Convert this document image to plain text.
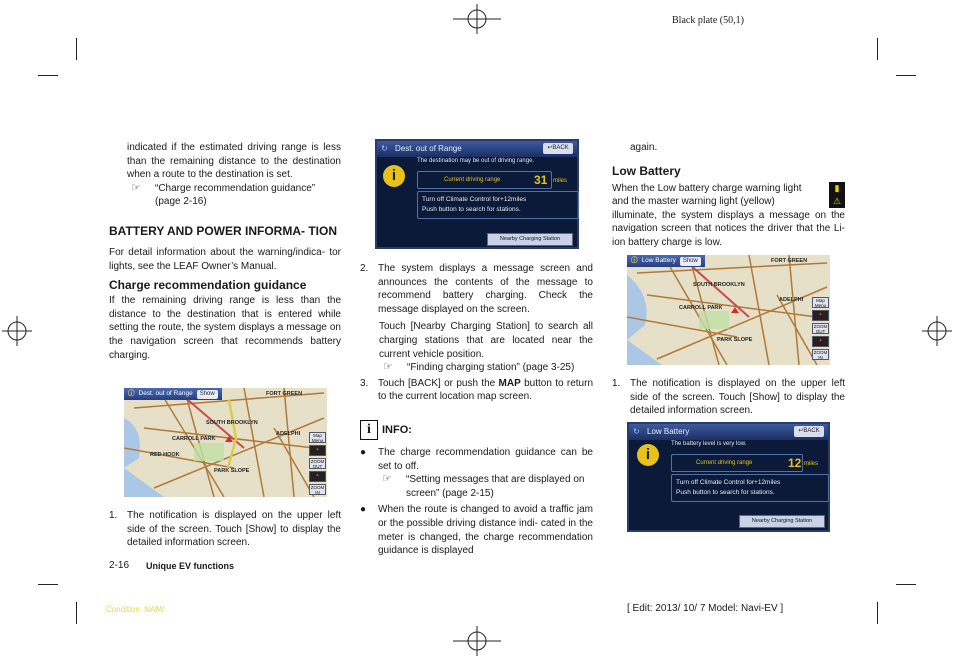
Black plate (50,1)

indicated if the estimated driving range is less than the remaining distance to the destination when a route to the destination is set.

☞	“Charge recommendation guidance” (page 2-16)
BATTERY AND POWER INFORMA- TION

For detail information about the warning/indica- tor lights, see the LEAF Owner’s Manual.

Charge recommendation guidance

If the remaining driving range is less than the distance to the destination that is entered while setting the route, the system displays a message on the navigation screen that recommends battery charging.

ⓘ Dest. out of Range	Show	FORT GREEN
SOUTH BROOKLYN
CARROLL PARK
ADELPHI
RED HOOK
PARK SLOPE
Map Menu
▲
ZOOM OUT
▲
ZOOM IN
1. The notification is displayed on the upper left side of the screen. Touch [Show] to display the detailed information screen.
2-16 Unique EV functions
↻ Dest. out of Range	↩BACK
The destination may be out of driving range.
i	Current driving range	31 miles
Turn off Climate Control for+12miles
Push button to search for stations.
Nearby Charging Station
2. The system displays a message screen and announces the contents of the message to recommend battery charging. Check the message displayed on the screen.

Touch [Nearby Charging Station] to search all charging stations that are located near the current vehicle position.

☞	“Finding charging station” (page 3-25)
3. Touch [BACK] or push the MAP button to return to the current location map screen.
i	INFO:
●	The charge recommendation guidance can be set to off.
☞	“Setting messages that are displayed on screen” (page 2-15)
●	When the route is changed to avoid a traffic jam or the possible driving distance indi- cated in the meter is changed, the charge recommendation guidance is displayed

again.

Low Battery
When the Low battery charge warning light	▮
and the master warning light (yellow)	⚠

illuminate, the system displays a message on the navigation screen that notices the driver that the Li-ion battery charge is low.

ⓘ Low Battery	Show	FORT GREEN
SOUTH BROOKLYN
CARROLL PARK
ADELPHI
PARK SLOPE
Map Menu
▲
ZOOM OUT
▲
ZOOM IN
1. The notification is displayed on the upper left side of the screen. Touch [Show] to display the detailed information screen.
↻ Low Battery	↩BACK
The battery level is very low.
i	Current driving range	12 miles
Turn off Climate Control for+12miles
Push button to search for stations.
Nearby Charging Station
Condition: NAM/	[ Edit: 2013/ 10/ 7 Model: Navi-EV ]
